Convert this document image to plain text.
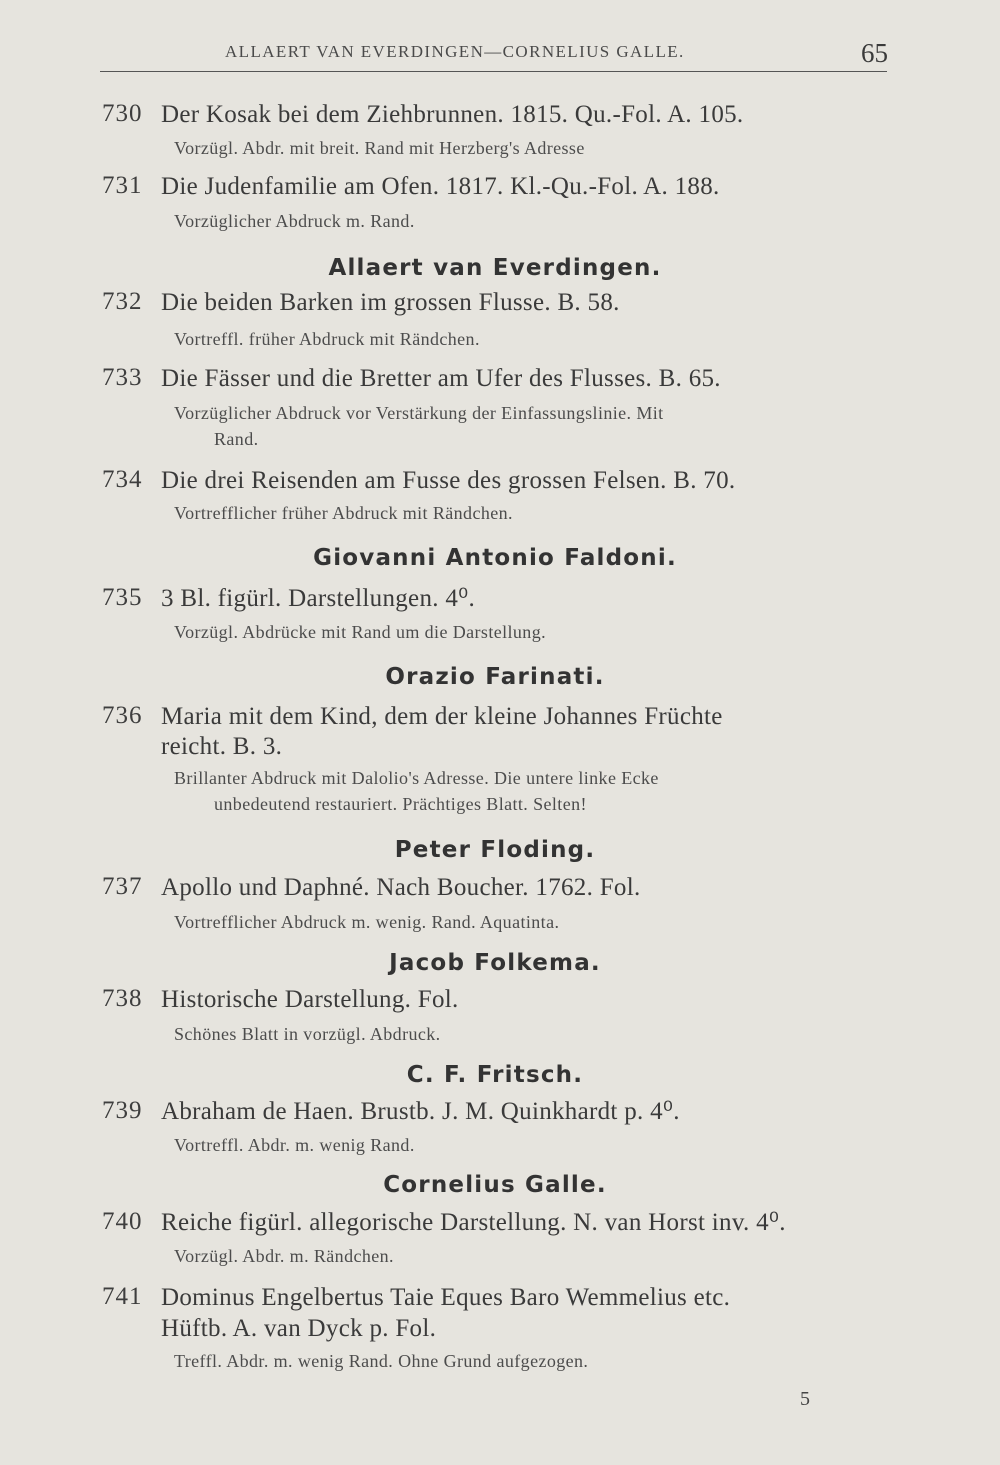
ALLAERT VAN EVERDINGEN—CORNELIUS GALLE.	65
730 Der Kosak bei dem Ziehbrunnen. 1815. Qu.-Fol. A. 105.
Vorzügl. Abdr. mit breit. Rand mit Herzberg's Adresse
731 Die Judenfamilie am Ofen. 1817. Kl.-Qu.-Fol. A. 188.
Vorzüglicher Abdruck m. Rand.
Allaert van Everdingen.
732 Die beiden Barken im grossen Flusse. B. 58.
Vortreffl. früher Abdruck mit Rändchen.
733 Die Fässer und die Bretter am Ufer des Flusses. B. 65.
Vorzüglicher Abdruck vor Verstärkung der Einfassungslinie. Mit
Rand.
734 Die drei Reisenden am Fusse des grossen Felsen. B. 70.
Vortrefflicher früher Abdruck mit Rändchen.
Giovanni Antonio Faldoni.
735 3 Bl. figürl. Darstellungen. 4⁰.
Vorzügl. Abdrücke mit Rand um die Darstellung.
Orazio Farinati.
736 Maria mit dem Kind, dem der kleine Johannes Früchte
reicht. B. 3.
Brillanter Abdruck mit Dalolio's Adresse. Die untere linke Ecke
unbedeutend restauriert. Prächtiges Blatt. Selten!
Peter Floding.
737 Apollo und Daphné. Nach Boucher. 1762. Fol.
Vortrefflicher Abdruck m. wenig. Rand. Aquatinta.
Jacob Folkema.
738 Historische Darstellung. Fol.
Schönes Blatt in vorzügl. Abdruck.
C. F. Fritsch.
739 Abraham de Haen. Brustb. J. M. Quinkhardt p. 4⁰.
Vortreffl. Abdr. m. wenig Rand.
Cornelius Galle.
740 Reiche figürl. allegorische Darstellung. N. van Horst inv. 4⁰.
Vorzügl. Abdr. m. Rändchen.
741 Dominus Engelbertus Taie Eques Baro Wemmelius etc.
Hüftb. A. van Dyck p. Fol.
Treffl. Abdr. m. wenig Rand. Ohne Grund aufgezogen.
5
